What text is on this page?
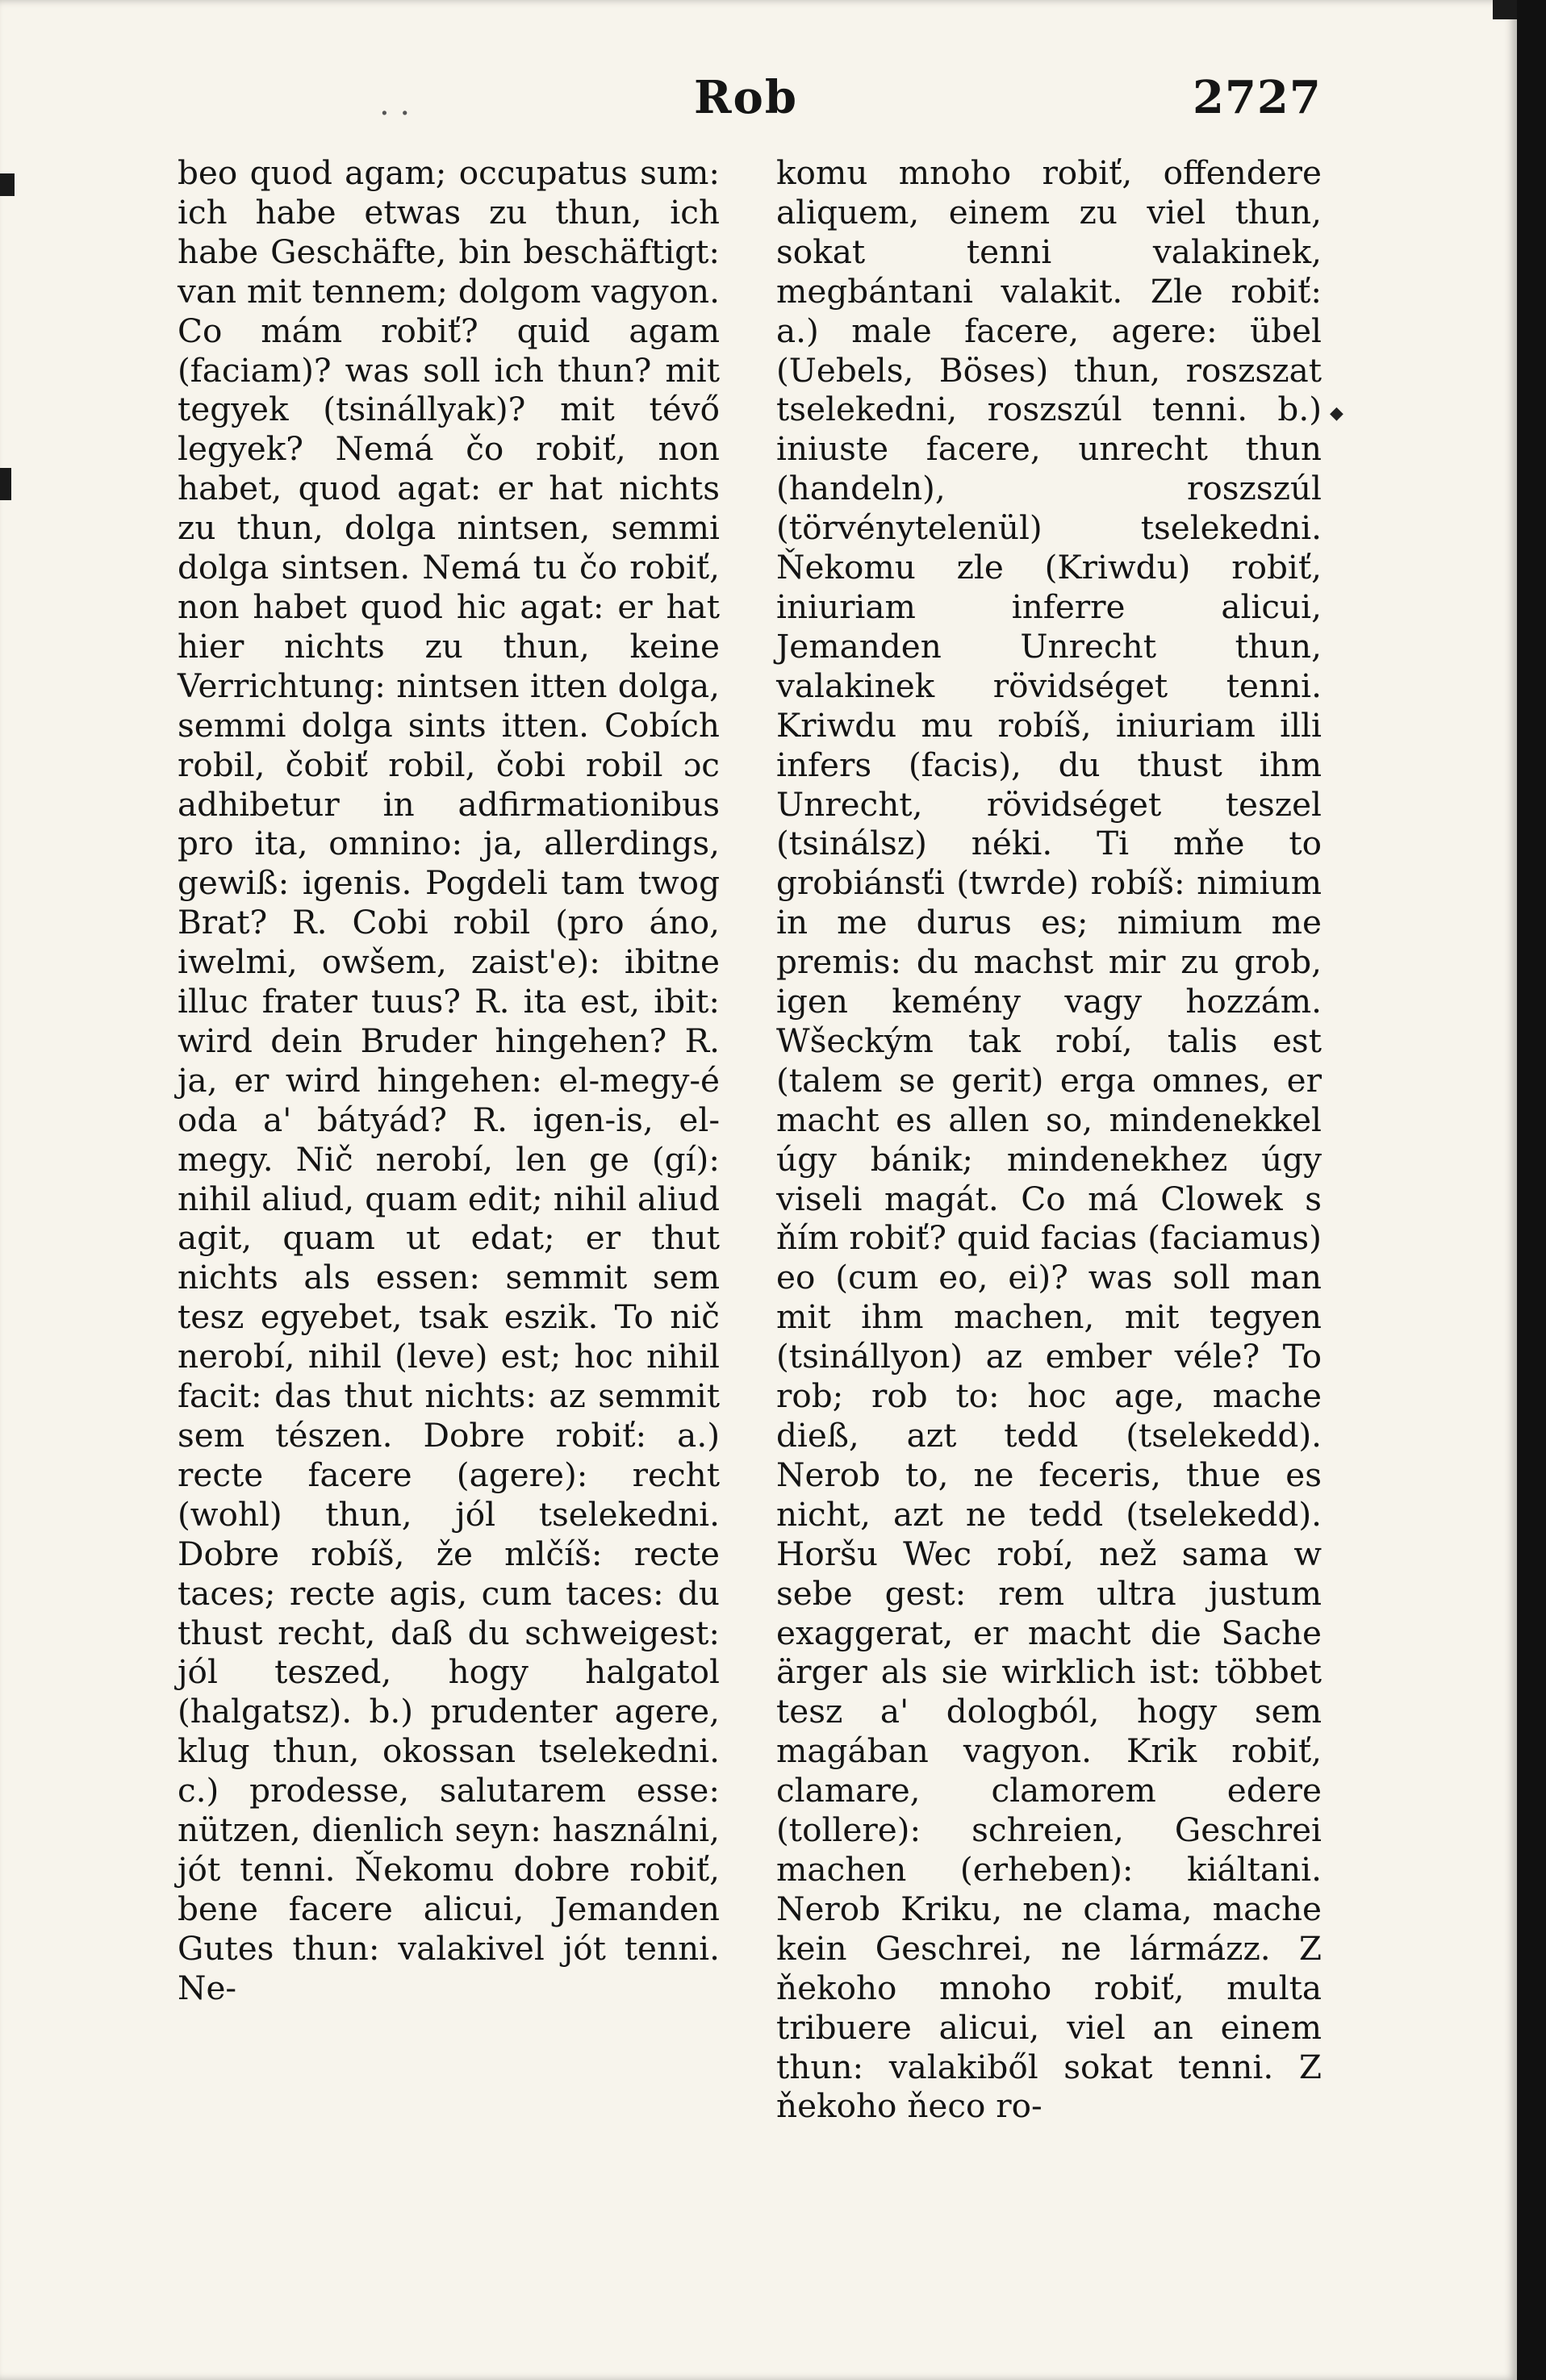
. .	Rob	2727

beo quod agam; occupatus sum: ich habe etwas zu thun, ich habe Geschäfte, bin beschäftigt: van mit tennem; dolgom vagyon. Co mám robiť? quid agam (faciam)? was soll ich thun? mit tegyek (tsinállyak)? mit tévő legyek? Nemá čo robiť, non habet, quod agat: er hat nichts zu thun, dolga nintsen, semmi dolga sintsen. Nemá tu čo robiť, non habet quod hic agat: er hat hier nichts zu thun, keine Verrichtung: nintsen itten dolga, semmi dolga sints itten. Cobích robil, čobiť robil, čobi robil ɔc adhibetur in adfirmationibus pro ita, omnino: ja, allerdings, gewiß: igenis. Pogdeli tam twog Brat? R. Cobi robil (pro áno, iwelmi, owšem, zaist'e): ibitne illuc frater tuus? R. ita est, ibit: wird dein Bruder hingehen? R. ja, er wird hingehen: el-megy-é oda a' bátyád? R. igen-is, el-megy. Nič nerobí, len ge (gí): nihil aliud, quam edit; nihil aliud agit, quam ut edat; er thut nichts als essen: semmit sem tesz egyebet, tsak eszik. To nič nerobí, nihil (leve) est; hoc nihil facit: das thut nichts: az semmit sem tészen. Dobre robiť: a.) recte facere (agere): recht (wohl) thun, jól tselekedni. Dobre robíš, že mlčíš: recte taces; recte agis, cum taces: du thust recht, daß du schweigest: jól teszed, hogy halgatol (halgatsz). b.) prudenter agere, klug thun, okossan tselekedni. c.) prodesse, salutarem esse: nützen, dienlich seyn: használni, jót tenni. Ňekomu dobre robiť, bene facere alicui, Jemanden Gutes thun: valakivel jót tenni. Ne-

komu mnoho robiť, offendere aliquem, einem zu viel thun, sokat tenni valakinek, megbántani valakit. Zle robiť: a.) male facere, agere: übel (Uebels, Böses) thun, roszszat tselekedni, roszszúl tenni. b.) iniuste facere, unrecht thun (handeln), roszszúl (törvénytelenül) tselekedni. Ňekomu zle (Kriwdu) robiť, iniuriam inferre alicui, Jemanden Unrecht thun, valakinek rövidséget tenni. Kriwdu mu robíš, iniuriam illi infers (facis), du thust ihm Unrecht, rövidséget teszel (tsinálsz) néki. Ti mňe to grobiánsťi (twrde) robíš: nimium in me durus es; nimium me premis: du machst mir zu grob, igen kemény vagy hozzám. Wšeckým tak robí, talis est (talem se gerit) erga omnes, er macht es allen so, mindenekkel úgy bánik; mindenekhez úgy viseli magát. Co má Clowek s ňím robiť? quid facias (faciamus) eo (cum eo, ei)? was soll man mit ihm machen, mit tegyen (tsinállyon) az ember véle? To rob; rob to: hoc age, mache dieß, azt tedd (tselekedd). Nerob to, ne feceris, thue es nicht, azt ne tedd (tselekedd). Horšu Wec robí, než sama w sebe gest: rem ultra justum exaggerat, er macht die Sache ärger als sie wirklich ist: többet tesz a' dologból, hogy sem magában vagyon. Krik robiť, clamare, clamorem edere (tollere): schreien, Geschrei machen (erheben): kiáltani. Nerob Kriku, ne clama, mache kein Geschrei, ne lármázz. Z ňekoho mnoho robiť, multa tribuere alicui, viel an einem thun: valakiből sokat tenni. Z ňekoho ňeco ro-

◆
